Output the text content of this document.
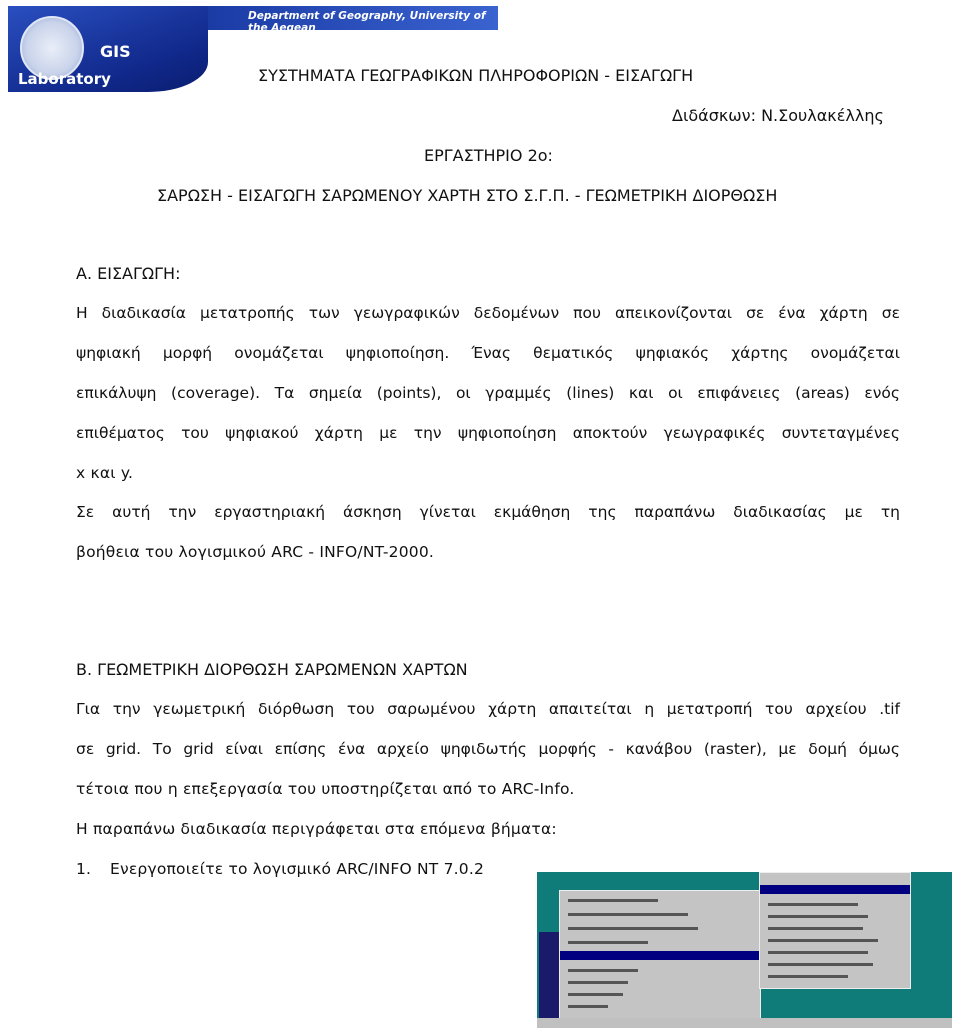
Department of Geography, University of the Aegean
GIS
Laboratory	ΣΥΣΤΗΜΑΤΑ ΓΕΩΓΡΑΦΙΚΩΝ ΠΛΗΡΟΦΟΡΙΩΝ - ΕΙΣΑΓΩΓΗ
Διδάσκων: Ν.Σουλακέλλης
ΕΡΓΑΣΤΗΡΙΟ 2ο:
ΣΑΡΩΣΗ - ΕΙΣΑΓΩΓΗ ΣΑΡΩΜΕΝΟΥ ΧΑΡΤΗ ΣΤΟ Σ.Γ.Π. - ΓΕΩΜΕΤΡΙΚΗ ΔΙΟΡΘΩΣΗ
Α. ΕΙΣΑΓΩΓΗ:
Η διαδικασία μετατροπής των γεωγραφικών δεδομένων που απεικονίζονται σε ένα χάρτη σε
ψηφιακή μορφή ονομάζεται ψηφιοποίηση. Ένας θεματικός ψηφιακός χάρτης ονομάζεται
επικάλυψη (coverage). Τα σημεία (points), οι γραμμές (lines) και οι επιφάνειες (areas) ενός
επιθέματος του ψηφιακού χάρτη με την ψηφιοποίηση αποκτούν γεωγραφικές συντεταγμένες
x και y.
Σε αυτή την εργαστηριακή άσκηση γίνεται εκμάθηση της παραπάνω διαδικασίας με τη
βοήθεια του λογισμικού ARC - INFO/NT-2000.
Β. ΓΕΩΜΕΤΡΙΚΗ ΔΙΟΡΘΩΣΗ ΣΑΡΩΜΕΝΩΝ ΧΑΡΤΩΝ
Για την γεωμετρική διόρθωση του σαρωμένου χάρτη απαιτείται η μετατροπή του αρχείου .tif
σε grid. Το grid είναι επίσης ένα αρχείο ψηφιδωτής μορφής - κανάβου (raster), με δομή όμως
τέτοια που η επεξεργασία του υποστηρίζεται από το ARC-Info.
Η παραπάνω διαδικασία περιγράφεται στα επόμενα βήματα:
1. Ενεργοποιείτε το λογισμικό ARC/INFO NT 7.0.2
